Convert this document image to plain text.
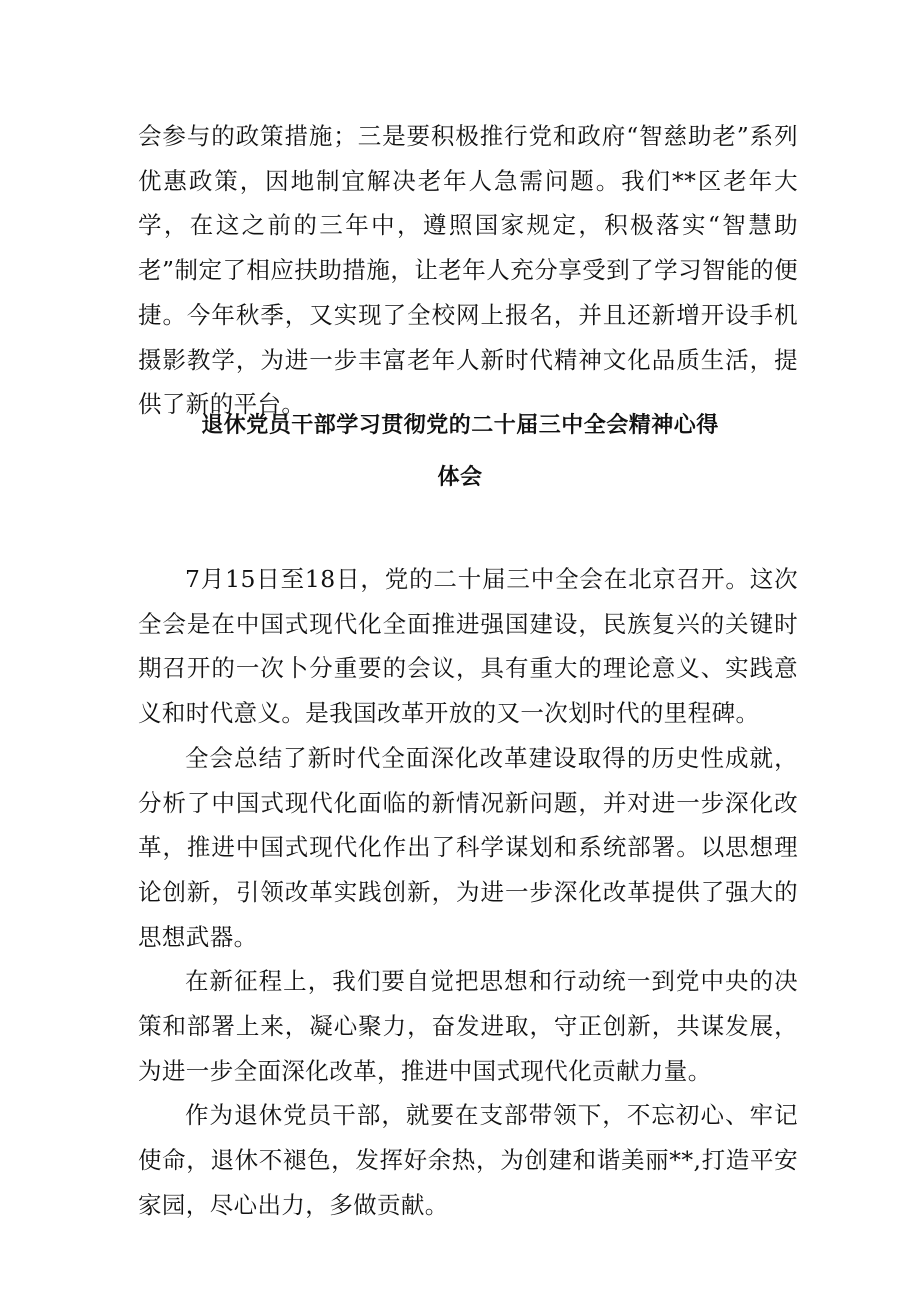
会参与的政策措施；三是要积极推行党和政府“智慈助老”系列优惠政策，因地制宜解决老年人急需问题。我们**区老年大学，在这之前的三年中，遵照国家规定，积极落实“智慧助老”制定了相应扶助措施，让老年人充分享受到了学习智能的便捷。今年秋季，又实现了全校网上报名，并且还新增开设手机摄影教学，为进一步丰富老年人新时代精神文化品质生活，提供了新的平台。

退休党员干部学习贯彻党的二十届三中全会精神心得
体会

7月15日至18日，党的二十届三中全会在北京召开。这次全会是在中国式现代化全面推进强国建设，民族复兴的关键时期召开的一次卜分重要的会议，具有重大的理论意义、实践意义和时代意义。是我国改革开放的又一次划时代的里程碑。

全会总结了新时代全面深化改革建设取得的历史性成就，分析了中国式现代化面临的新情况新问题，并对进一步深化改革，推进中国式现代化作出了科学谋划和系统部署。以思想理论创新，引领改革实践创新，为进一步深化改革提供了强大的思想武器。

在新征程上，我们要自觉把思想和行动统一到党中央的决策和部署上来，凝心聚力，奋发进取，守正创新，共谋发展，为进一步全面深化改革，推进中国式现代化贡献力量。

作为退休党员干部，就要在支部带领下，不忘初心、牢记使命，退休不褪色，发挥好余热，为创建和谐美丽**,打造平安家园，尽心出力，多做贡献。
